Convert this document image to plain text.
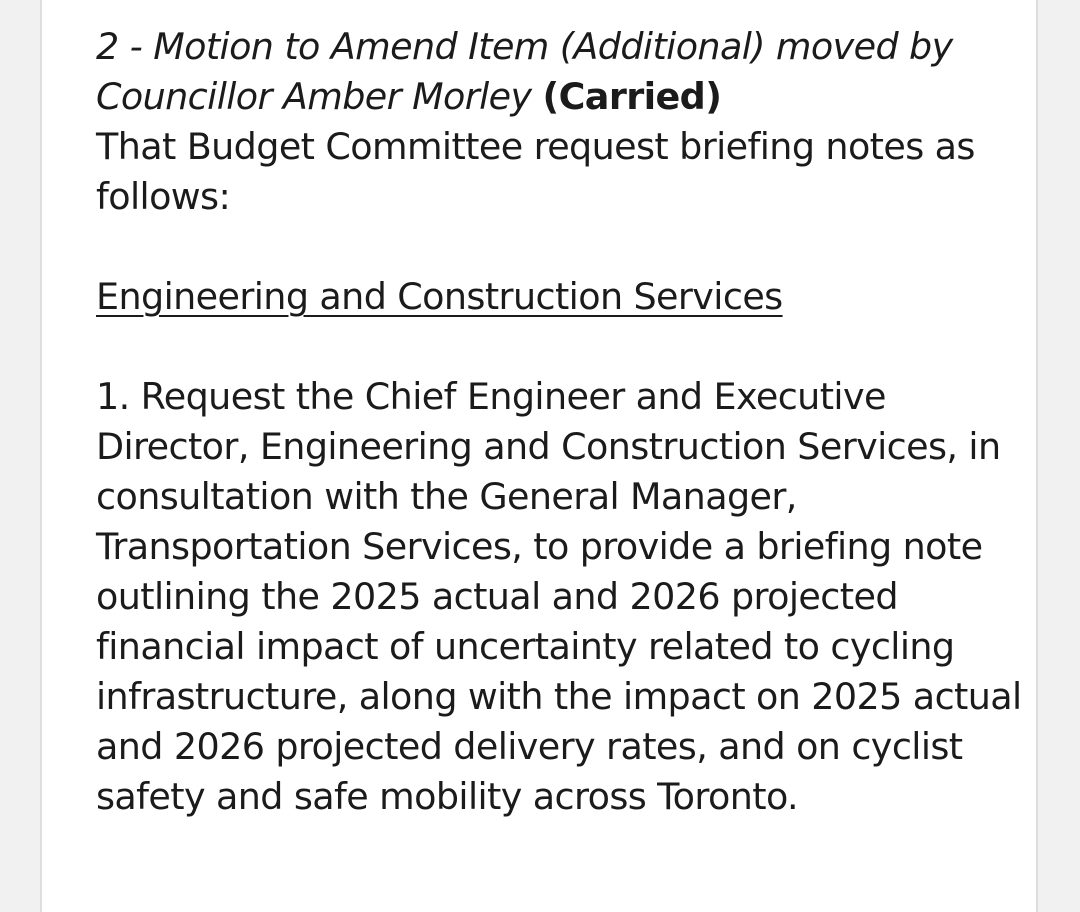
2 - Motion to Amend Item (Additional) moved by Councillor Amber Morley (Carried)

That Budget Committee request briefing notes as follows:

Engineering and Construction Services

1. Request the Chief Engineer and Executive Director, Engineering and Construction Services, in consultation with the General Manager, Transportation Services, to provide a briefing note outlining the 2025 actual and 2026 projected financial impact of uncertainty related to cycling infrastructure, along with the impact on 2025 actual and 2026 projected delivery rates, and on cyclist safety and safe mobility across Toronto.
